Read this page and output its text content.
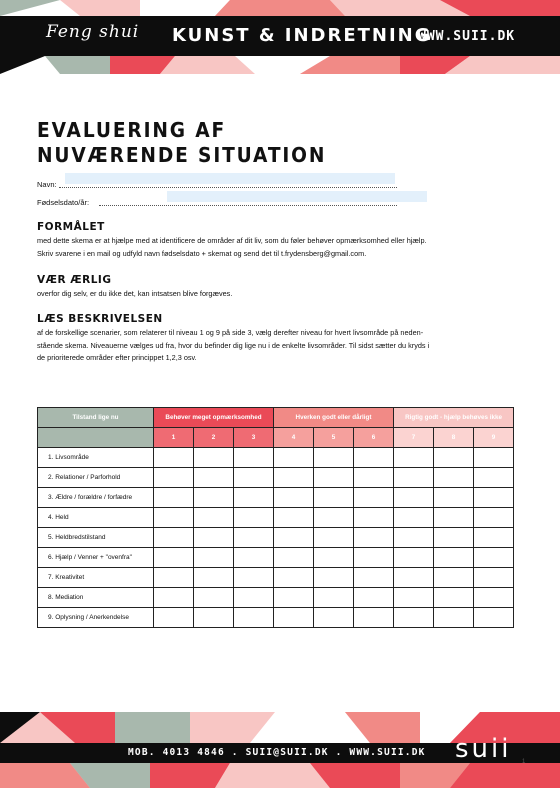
Feng shui KUNST & INDRETNING
WWW.SUII.DK
EVALUERING AF
NUVÆRENDE SITUATION
Navn:
Fødselsdato/år:
FORMÅLET
med dette skema er at hjælpe med at identificere de områder af dit liv, som du føler behøver opmærksomhed eller hjælp.
Skriv svarene i en mail og udfyld navn fødselsdato + skemat og send det til t.frydensberg@gmail.com.
VÆR ÆRLIG
overfor dig selv, er du ikke det, kan intsatsen blive forgæves.
LÆS BESKRIVELSEN
af de forskellige scenarier, som relaterer til niveau 1 og 9 på side 3, vælg derefter niveau for hvert livsområde på neden-
stående skema. Niveauerne vælges ud fra, hvor du befinder dig lige nu i de enkelte livsområder. Til sidst sætter du kryds i
de prioriterede områder efter princippet 1,2,3 osv.
Tilstand lige nu	Behøver meget opmærksomhed			Hverken godt eller dårligt			Rigtig godt - hjælp behøves ikke		
	1	2	3	4	5	6	7	8	9
1. Livsområde									
2. Relationer / Parforhold									
3. Ældre / forældre / forfædre									
4. Held									
5. Heldbredstilstand									
6. Hjælp / Venner + "ovenfra"									
7. Kreativitet									
8. Mediation									
9. Oplysning / Anerkendelse									
MOB. 4013 4846 . SUII@SUII.DK . WWW.SUII.DK suii 1
